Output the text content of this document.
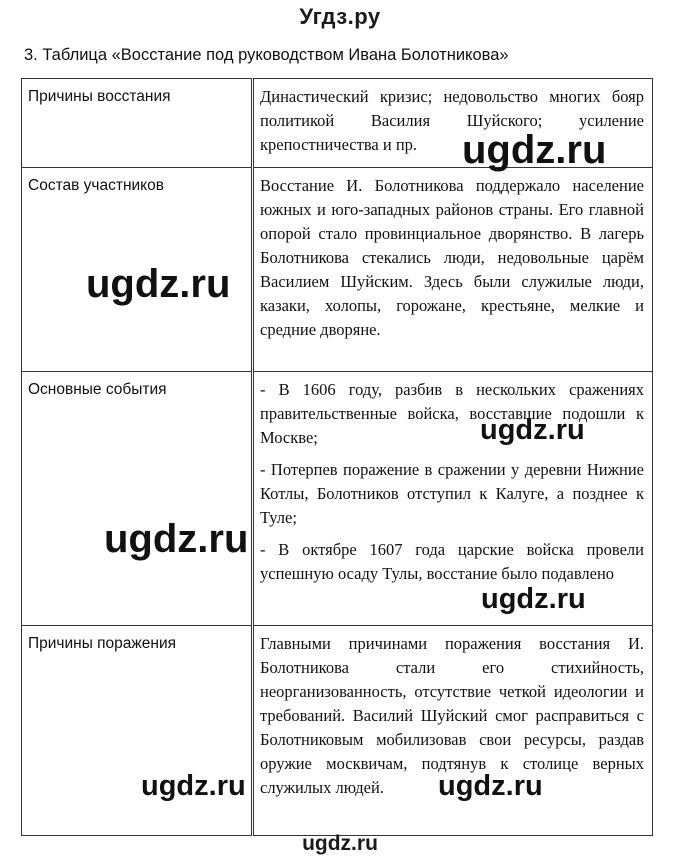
Угдз.ру
3. Таблица «Восстание под руководством Ивана Болотникова»
Причины восстания	Династический кризис; недовольство многих бояр политикой Василия Шуйского; усиление крепостничества и пр.

Состав участников	Восстание И. Болотникова поддержало население южных и юго-западных районов страны. Его главной опорой стало провинциальное дворянство. В лагерь Болотникова стекались люди, недовольные царём Василием Шуйским. Здесь были служилые люди, казаки, холопы, горожане, крестьяне, мелкие и средние дворяне.

Основные события	- В 1606 году, разбив в нескольких сражениях правительственные войска, восставшие подошли к Москве;

- Потерпев поражение в сражении у деревни Нижние Котлы, Болотников отступил к Калуге, а позднее к Туле;

- В октябре 1607 года царские войска провели успешную осаду Тулы, восстание было подавлено

Причины поражения	Главными причинами поражения восстания И. Болотникова стали его стихийность, неорганизованность, отсутствие четкой идеологии и требований. Василий Шуйский смог расправиться с Болотниковым мобилизовав свои ресурсы, раздав оружие москвичам, подтянув к столице верных служилых людей.

ugdz.ru
ugdz.ru
ugdz.ru
ugdz.ru
ugdz.ru
ugdz.ru	ugdz.ru
ugdz.ru
